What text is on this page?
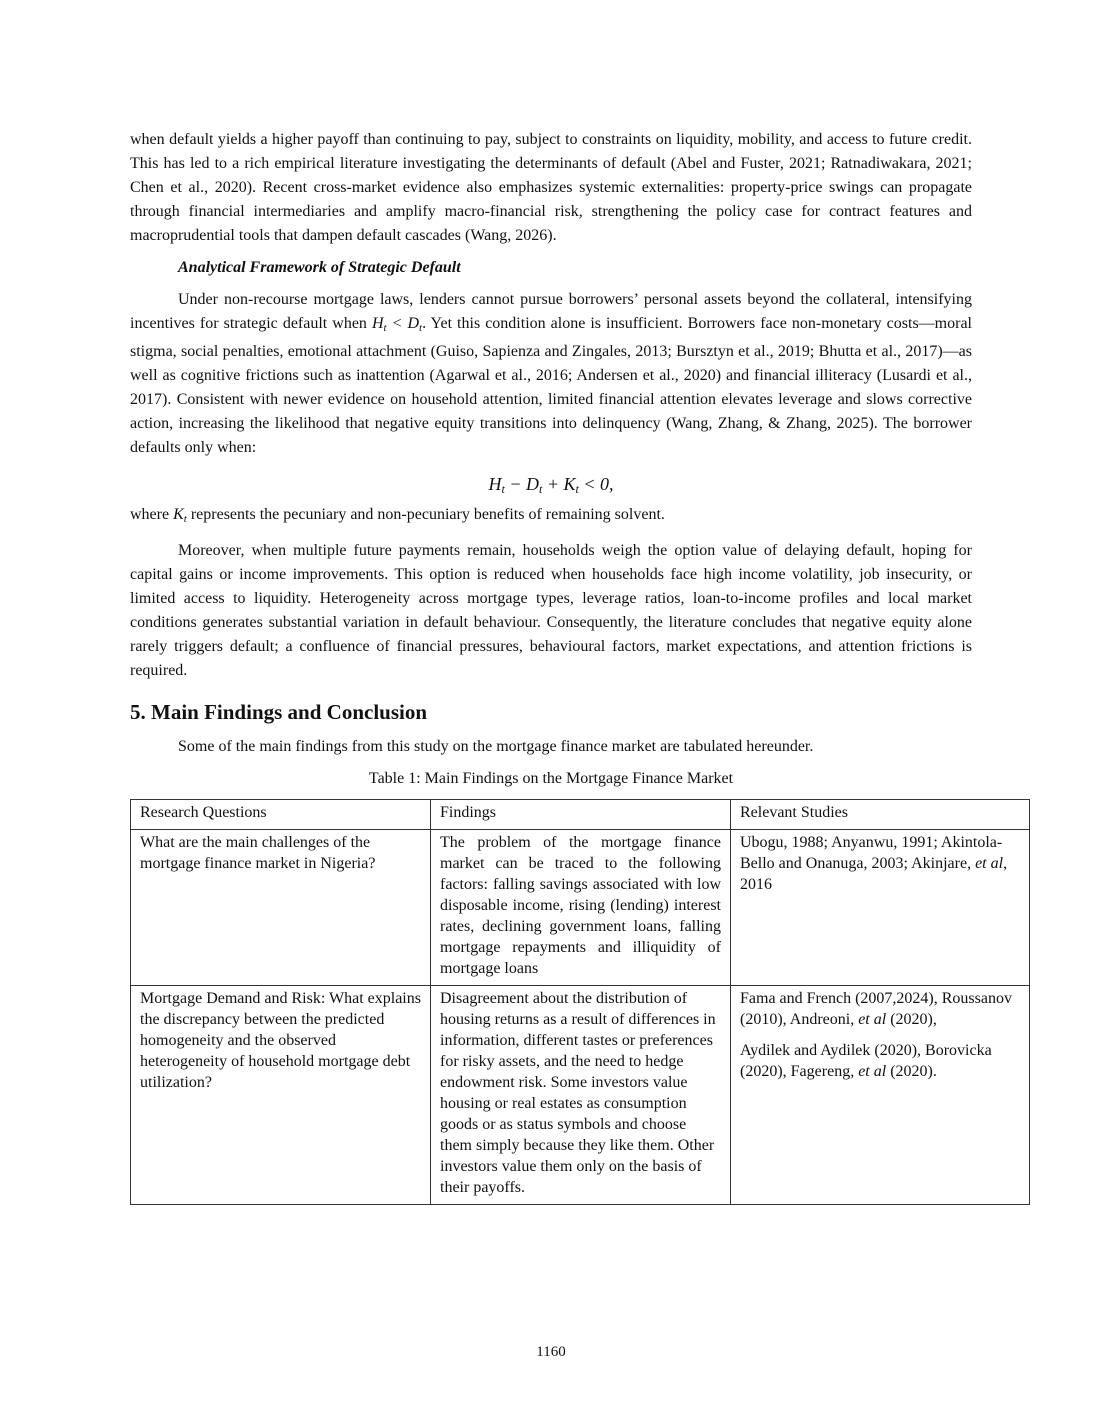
when default yields a higher payoff than continuing to pay, subject to constraints on liquidity, mobility, and access to future credit. This has led to a rich empirical literature investigating the determinants of default (Abel and Fuster, 2021; Ratnadiwakara, 2021; Chen et al., 2020). Recent cross-market evidence also emphasizes systemic externalities: property-price swings can propagate through financial intermediaries and amplify macro-financial risk, strengthening the policy case for contract features and macroprudential tools that dampen default cascades (Wang, 2026).

Analytical Framework of Strategic Default

Under non-recourse mortgage laws, lenders cannot pursue borrowers’ personal assets beyond the collateral, intensifying incentives for strategic default when $H_t < D_t$. Yet this condition alone is insufficient. Borrowers face non-monetary costs—moral stigma, social penalties, emotional attachment (Guiso, Sapienza and Zingales, 2013; Bursztyn et al., 2019; Bhutta et al., 2017)—as well as cognitive frictions such as inattention (Agarwal et al., 2016; Andersen et al., 2020) and financial illiteracy (Lusardi et al., 2017). Consistent with newer evidence on household attention, limited financial attention elevates leverage and slows corrective action, increasing the likelihood that negative equity transitions into delinquency (Wang, Zhang, & Zhang, 2025). The borrower defaults only when:

$H_t - D_t + K_t < 0$,

where $K_t$ represents the pecuniary and non-pecuniary benefits of remaining solvent.

Moreover, when multiple future payments remain, households weigh the option value of delaying default, hoping for capital gains or income improvements. This option is reduced when households face high income volatility, job insecurity, or limited access to liquidity. Heterogeneity across mortgage types, leverage ratios, loan-to-income profiles and local market conditions generates substantial variation in default behaviour. Consequently, the literature concludes that negative equity alone rarely triggers default; a confluence of financial pressures, behavioural factors, market expectations, and attention frictions is required.

5. Main Findings and Conclusion

Some of the main findings from this study on the mortgage finance market are tabulated hereunder.

Table 1: Main Findings on the Mortgage Finance Market
Research Questions	Findings	Relevant Studies
What are the main challenges of the mortgage finance market in Nigeria?	The problem of the mortgage finance market can be traced to the following factors: falling savings associated with low disposable income, rising (lending) interest rates, declining government loans, falling mortgage repayments and illiquidity of mortgage loans	Ubogu, 1988; Anyanwu, 1991; Akintola-Bello and Onanuga, 2003; Akinjare, et al, 2016
Mortgage Demand and Risk: What explains the discrepancy between the predicted homogeneity and the observed heterogeneity of household mortgage debt utilization?	Disagreement about the distribution of housing returns as a result of differences in information, different tastes or preferences for risky assets, and the need to hedge endowment risk. Some investors value housing or real estates as consumption goods or as status symbols and choose them simply because they like them. Other investors value them only on the basis of their payoffs.	Fama and French (2007,2024), Roussanov (2010), Andreoni, et al (2020),
Aydilek and Aydilek (2020), Borovicka (2020), Fagereng, et al (2020).
1160
